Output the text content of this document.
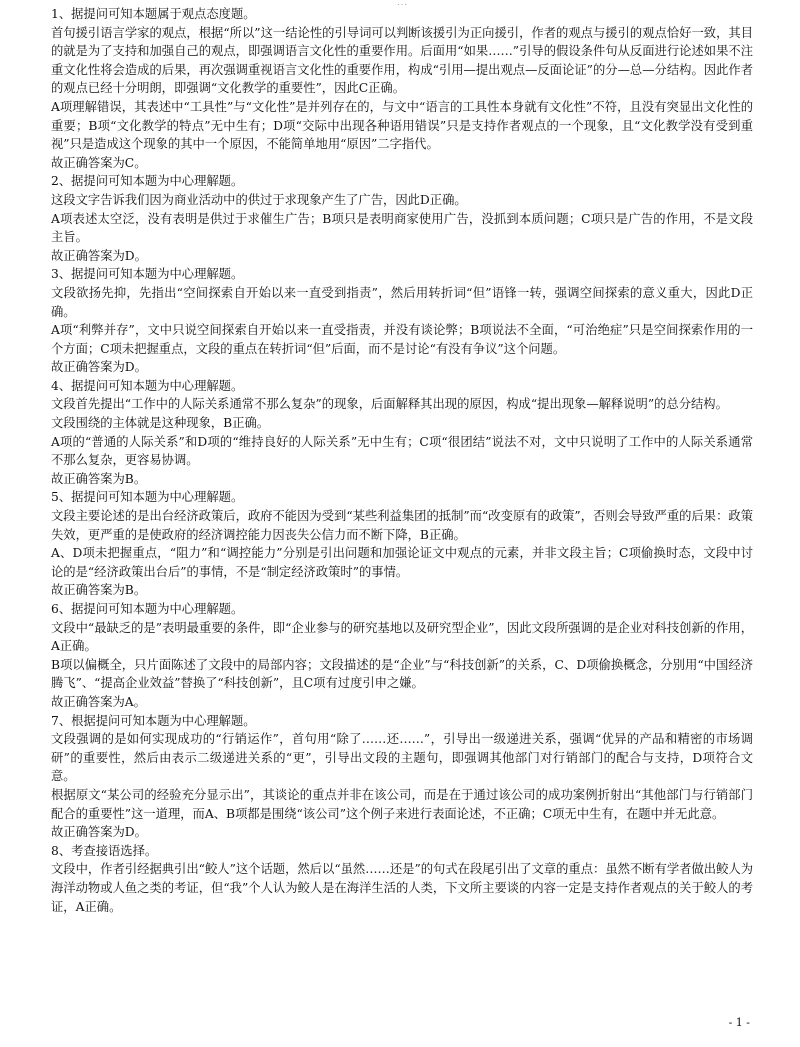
1、据提问可知本题属于观点态度题。

首句援引语言学家的观点，根据“所以”这一结论性的引导词可以判断该援引为正向援引，作者的观点与援引的观点恰好一致，其目的就是为了支持和加强自己的观点，即强调语言文化性的重要作用。后面用“如果……”引导的假设条件句从反面进行论述如果不注重文化性将会造成的后果，再次强调重视语言文化性的重要作用，构成“引用—提出观点—反面论证”的分—总—分结构。因此作者的观点已经十分明朗，即强调“文化教学的重要性”，因此C正确。

A项理解错误，其表述中“工具性”与“文化性”是并列存在的，与文中“语言的工具性本身就有文化性”不符，且没有突显出文化性的重要；B项“文化教学的特点”无中生有；D项“交际中出现各种语用错误”只是支持作者观点的一个现象，且“文化教学没有受到重视”只是造成这个现象的其中一个原因，不能简单地用“原因”二字指代。

故正确答案为C。

2、据提问可知本题为中心理解题。

这段文字告诉我们因为商业活动中的供过于求现象产生了广告，因此D正确。

A项表述太空泛，没有表明是供过于求催生广告；B项只是表明商家使用广告，没抓到本质问题；C项只是广告的作用，不是文段主旨。

故正确答案为D。

3、据提问可知本题为中心理解题。

文段欲扬先抑，先指出“空间探索自开始以来一直受到指责”，然后用转折词“但”语锋一转，强调空间探索的意义重大，因此D正确。

A项“利弊并存”，文中只说空间探索自开始以来一直受指责，并没有谈论弊；B项说法不全面，“可治绝症”只是空间探索作用的一个方面；C项未把握重点，文段的重点在转折词“但”后面，而不是讨论“有没有争议”这个问题。

故正确答案为D。

4、据提问可知本题为中心理解题。

文段首先提出“工作中的人际关系通常不那么复杂”的现象，后面解释其出现的原因，构成“提出现象—解释说明”的总分结构。

文段围绕的主体就是这种现象，B正确。

A项的“普通的人际关系”和D项的“维持良好的人际关系”无中生有；C项“很团结”说法不对，文中只说明了工作中的人际关系通常不那么复杂，更容易协调。

故正确答案为B。

5、据提问可知本题为中心理解题。

文段主要论述的是出台经济政策后，政府不能因为受到“某些利益集团的抵制”而“改变原有的政策”，否则会导致严重的后果：政策失效，更严重的是使政府的经济调控能力因丧失公信力而不断下降，B正确。

A、D项未把握重点，“阻力”和“调控能力”分别是引出问题和加强论证文中观点的元素，并非文段主旨；C项偷换时态，文段中讨论的是“经济政策出台后”的事情，不是“制定经济政策时”的事情。

故正确答案为B。

6、据提问可知本题为中心理解题。

文段中“最缺乏的是”表明最重要的条件，即“企业参与的研究基地以及研究型企业”，因此文段所强调的是企业对科技创新的作用，A正确。

B项以偏概全，只片面陈述了文段中的局部内容；文段描述的是“企业”与“科技创新”的关系，C、D项偷换概念，分别用“中国经济腾飞”、“提高企业效益”替换了“科技创新”，且C项有过度引申之嫌。

故正确答案为A。

7、根据提问可知本题为中心理解题。

文段强调的是如何实现成功的“行销运作”，首句用“除了……还……”，引导出一级递进关系，强调“优异的产品和精密的市场调研”的重要性，然后由表示二级递进关系的“更”，引导出文段的主题句，即强调其他部门对行销部门的配合与支持，D项符合文意。

根据原文“某公司的经验充分显示出”，其谈论的重点并非在该公司，而是在于通过该公司的成功案例折射出“其他部门与行销部门配合的重要性”这一道理，而A、B项都是围绕“该公司”这个例子来进行表面论述，不正确；C项无中生有，在题中并无此意。

故正确答案为D。

8、考查接语选择。

文段中，作者引经据典引出“鲛人”这个话题，然后以“虽然……还是”的句式在段尾引出了文章的重点：虽然不断有学者做出鲛人为海洋动物或人鱼之类的考证，但“我”个人认为鲛人是在海洋生活的人类，下文所主要谈的内容一定是支持作者观点的关于鲛人的考证，A正确。

- 1 -
